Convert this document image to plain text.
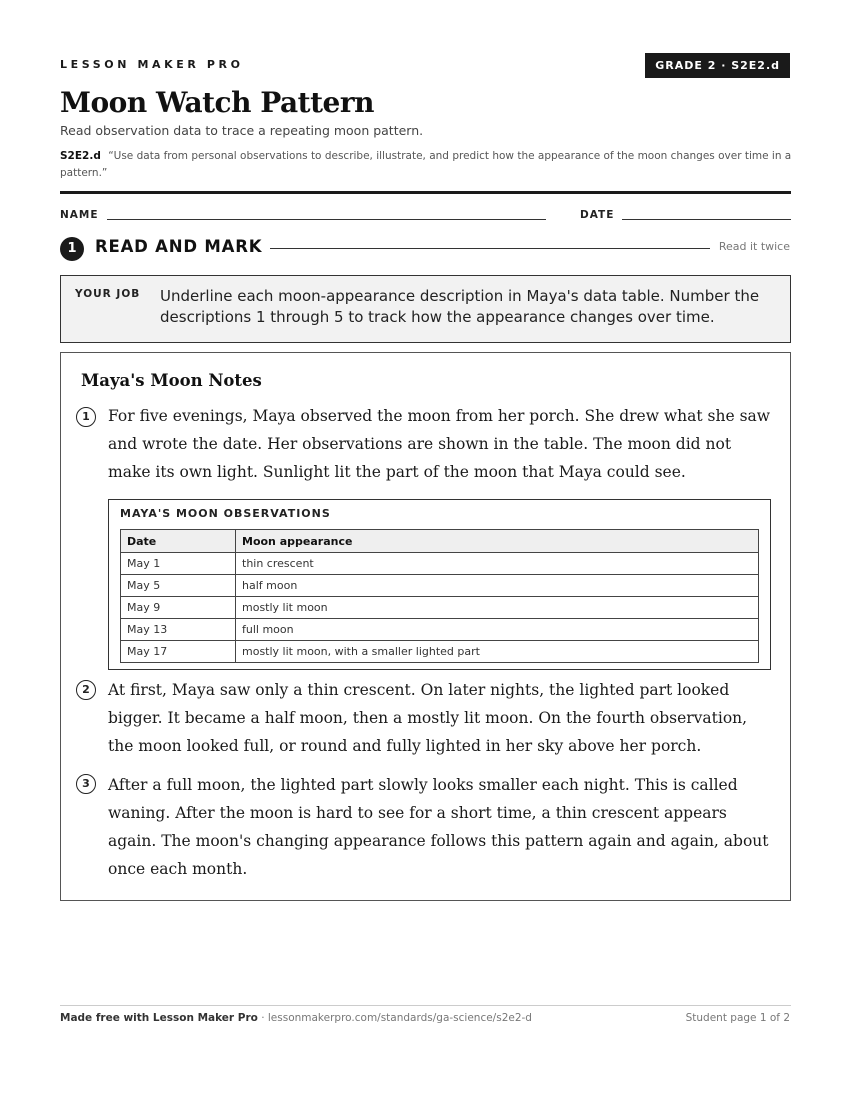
LESSON MAKER PRO	GRADE 2 · S2E2.d
Moon Watch Pattern
Read observation data to trace a repeating moon pattern.
S2E2.d “Use data from personal observations to describe, illustrate, and predict how the appearance of the moon changes over time in a pattern.”
NAME	DATE
1	READ AND MARK	Read it twice
YOUR JOB Underline each moon-appearance description in Maya's data table. Number the descriptions 1 through 5 to track how the appearance changes over time.
Maya's Moon Notes
1	For five evenings, Maya observed the moon from her porch. She drew what she saw and wrote the date. Her observations are shown in the table. The moon did not make its own light. Sunlight lit the part of the moon that Maya could see.

MAYA'S MOON OBSERVATIONS
Date	Moon appearance
May 1	thin crescent
May 5	half moon
May 9	mostly lit moon
May 13	full moon
May 17	mostly lit moon, with a smaller lighted part
2	At first, Maya saw only a thin crescent. On later nights, the lighted part looked bigger. It became a half moon, then a mostly lit moon. On the fourth observation, the moon looked full, or round and fully lighted in her sky above her porch.

3	After a full moon, the lighted part slowly looks smaller each night. This is called waning. After the moon is hard to see for a short time, a thin crescent appears again. The moon's changing appearance follows this pattern again and again, about once each month.

Made free with Lesson Maker Pro · lessonmakerpro.com/standards/ga-science/s2e2-d	Student page 1 of 2
